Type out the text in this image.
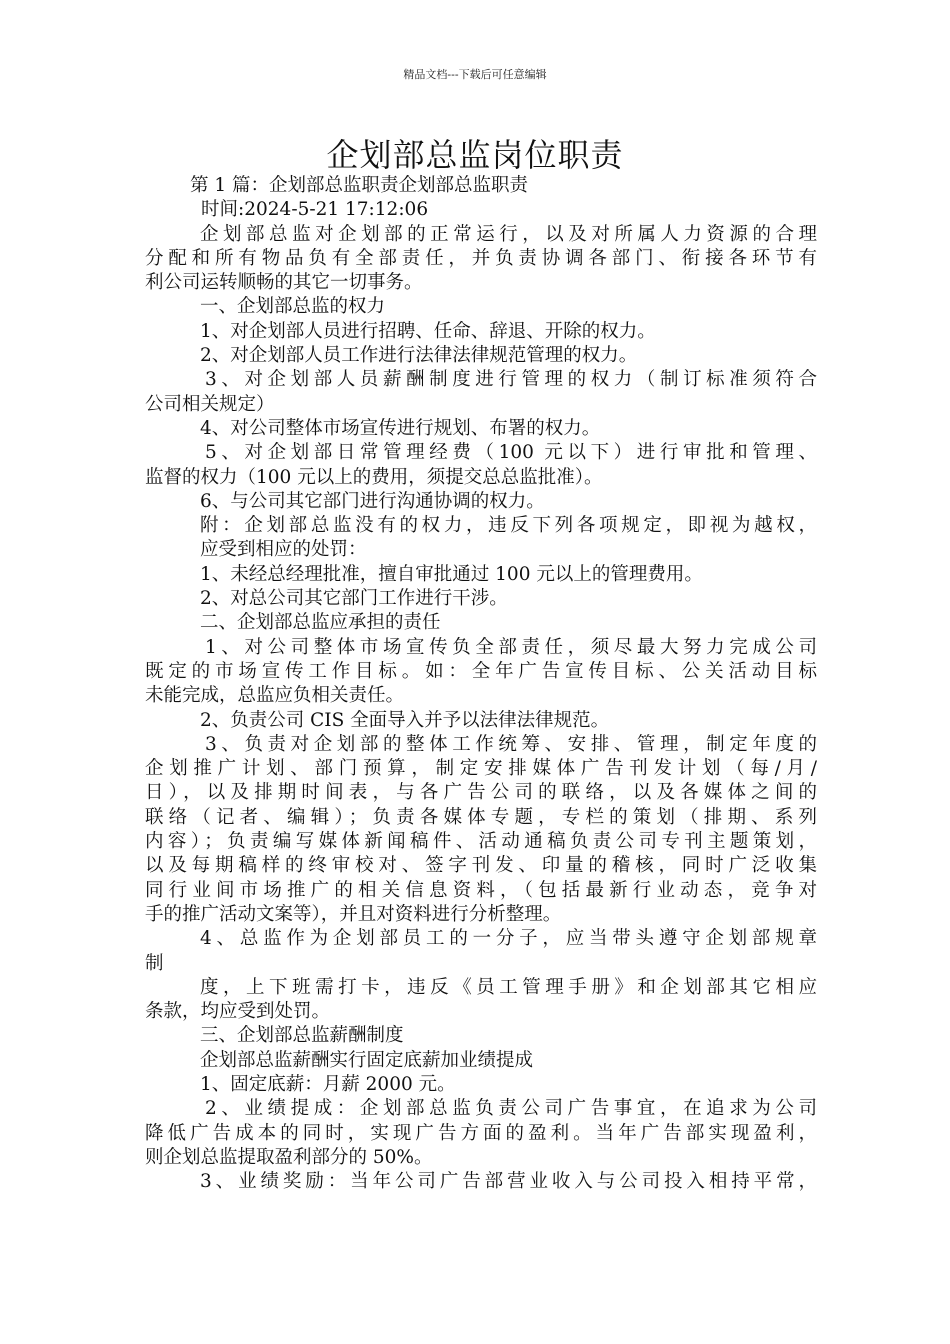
精品文档---下载后可任意编辑
企划部总监岗位职责
第 1 篇：企划部总监职责企划部总监职责
时间:2024-5-21 17:12:06
企划部总监对企划部的正常运行，以及对所属人力资源的合理
分配和所有物品负有全部责任，并负责协调各部门、衔接各环节有
利公司运转顺畅的其它一切事务。
一、企划部总监的权力
1、对企划部人员进行招聘、任命、辞退、开除的权力。
2、对企划部人员工作进行法律法律规范管理的权力。
3、对企划部人员薪酬制度进行管理的权力（制订标准须符合
公司相关规定）
4、对公司整体市场宣传进行规划、布署的权力。
5、对企划部日常管理经费（100 元以下）进行审批和管理、
监督的权力（100 元以上的费用，须提交总总监批准）。
6、与公司其它部门进行沟通协调的权力。
附：企划部总监没有的权力，违反下列各项规定，即视为越权，
应受到相应的处罚：
1、未经总经理批准，擅自审批通过 100 元以上的管理费用。
2、对总公司其它部门工作进行干涉。
二、企划部总监应承担的责任
1、对公司整体市场宣传负全部责任，须尽最大努力完成公司
既定的市场宣传工作目标。如：全年广告宣传目标、公关活动目标
未能完成，总监应负相关责任。
2、负责公司 CIS 全面导入并予以法律法律规范。
3、负责对企划部的整体工作统筹、安排、管理，制定年度的
企划推广计划、部门预算，制定安排媒体广告刊发计划（每/月/
日），以及排期时间表，与各广告公司的联络，以及各媒体之间的
联络（记者、编辑）；负责各媒体专题，专栏的策划（排期、系列
内容）；负责编写媒体新闻稿件、活动通稿负责公司专刊主题策划，
以及每期稿样的终审校对、签字刊发、印量的稽核，同时广泛收集
同行业间市场推广的相关信息资料，（包括最新行业动态，竞争对
手的推广活动文案等），并且对资料进行分析整理。
4、总监作为企划部员工的一分子，应当带头遵守企划部规章
制
度，上下班需打卡，违反《员工管理手册》和企划部其它相应
条款，均应受到处罚。
三、企划部总监薪酬制度
企划部总监薪酬实行固定底薪加业绩提成
1、固定底薪：月薪 2000 元。
2、业绩提成：企划部总监负责公司广告事宜，在追求为公司
降低广告成本的同时，实现广告方面的盈利。当年广告部实现盈利，
则企划总监提取盈利部分的 50%。
3、业绩奖励：当年公司广告部营业收入与公司投入相持平常，
